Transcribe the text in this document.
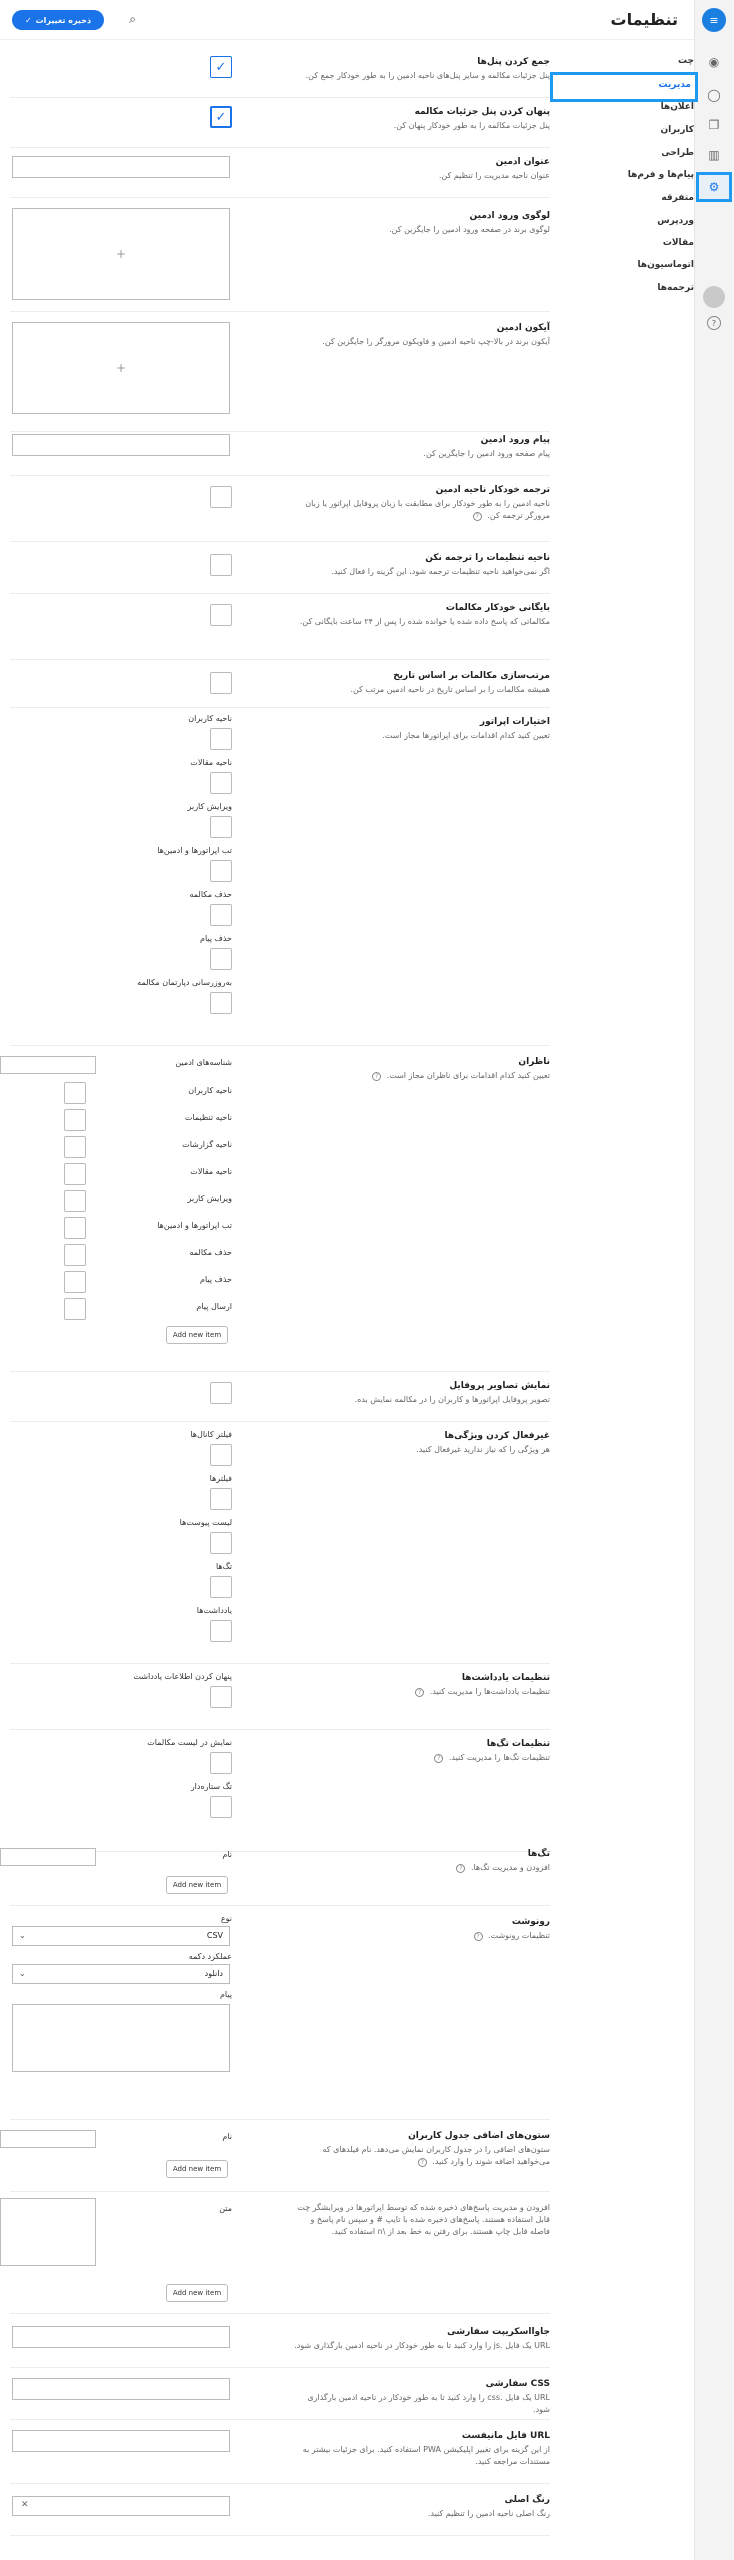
≡
◉
◯
❐
▥
⚙
?
تنظیمات
⌕
ذخیره تغییرات
✓
چت
مدیریت
اعلان‌ها
کاربران
طراحی
پیام‌ها و فرم‌ها
متفرقه
وردپرس
مقالات
اتوماسیون‌ها
ترجمه‌ها
جمع کردن پنل‌ها
پنل جزئیات مکالمه و سایر پنل‌های ناحیه ادمین را به طور خودکار جمع کن.
✓
پنهان کردن پنل جزئیات مکالمه
پنل جزئیات مکالمه را به طور خودکار پنهان کن.
✓
عنوان ادمین
عنوان ناحیه مدیریت را تنظیم کن.
لوگوی ورود ادمین
لوگوی برند در صفحه ورود ادمین را جایگزین کن.
+
آیکون ادمین
آیکون برند در بالا-چپ ناحیه ادمین و فاویکون مرورگر را جایگزین کن.
+
پیام ورود ادمین
پیام صفحه ورود ادمین را جایگزین کن.
ترجمه خودکار ناحیه ادمین
ناحیه ادمین را به طور خودکار برای مطابقت با زبان پروفایل اپراتور یا زبان مرورگر ترجمه کن. ?
ناحیه تنظیمات را ترجمه نکن
اگر نمی‌خواهید ناحیه تنظیمات ترجمه شود، این گزینه را فعال کنید.
بایگانی خودکار مکالمات
مکالماتی که پاسخ داده شده یا خوانده شده را پس از ۲۴ ساعت بایگانی کن.
مرتب‌سازی مکالمات بر اساس تاریخ
همیشه مکالمات را بر اساس تاریخ در ناحیه ادمین مرتب کن.
اختیارات اپراتور
تعیین کنید کدام اقدامات برای اپراتورها مجاز است.
ناحیه کاربران
ناحیه مقالات
ویرایش کاربر
تب اپراتورها و ادمین‌ها
حذف مکالمه
حذف پیام
به‌روزرسانی دپارتمان مکالمه
ناظران
تعیین کنید کدام اقدامات برای ناظران مجاز است. ?
شناسه‌های ادمین
ناحیه کاربران
ناحیه تنظیمات
ناحیه گزارشات
ناحیه مقالات
ویرایش کاربر
تب اپراتورها و ادمین‌ها
حذف مکالمه
حذف پیام
ارسال پیام
Add new item
نمایش تصاویر پروفایل
تصویر پروفایل اپراتورها و کاربران را در مکالمه نمایش بده.
غیرفعال کردن ویژگی‌ها
هر ویژگی را که نیاز ندارید غیرفعال کنید.
فیلتر کانال‌ها
فیلترها
لیست پیوست‌ها
تگ‌ها
یادداشت‌ها
تنظیمات یادداشت‌ها
تنظیمات یادداشت‌ها را مدیریت کنید. ?
پنهان کردن اطلاعات یادداشت
تنظیمات تگ‌ها
تنظیمات تگ‌ها را مدیریت کنید. ?
نمایش در لیست مکالمات
تگ ستاره‌دار
تگ‌ها
افزودن و مدیریت تگ‌ها. ?
نام
Add new item
رونوشت
تنظیمات رونوشت. ?
نوع
⌄	CSV
عملکرد دکمه
⌄	دانلود
پیام
ستون‌های اضافی جدول کاربران
ستون‌های اضافی را در جدول کاربران نمایش می‌دهد. نام فیلدهای که می‌خواهید اضافه شوند را وارد کنید. ?
نام
Add new item
افزودن و مدیریت پاسخ‌های ذخیره شده که توسط اپراتورها در ویرایشگر چت قابل استفاده هستند. پاسخ‌های ذخیره شده با تایپ # و سپس نام پاسخ و فاصله قابل چاپ هستند. برای رفتن به خط بعد از \n استفاده کنید.
متن
Add new item
جاوااسکریپت سفارشی
URL یک فایل .js را وارد کنید تا به طور خودکار در ناحیه ادمین بارگذاری شود.
CSS سفارشی
URL یک فایل .css را وارد کنید تا به طور خودکار در ناحیه ادمین بارگذاری شود.
URL فایل مانیفست
از این گزینه برای تغییر اپلیکیشن PWA استفاده کنید. برای جزئیات بیشتر به مستندات مراجعه کنید.
رنگ اصلی
رنگ اصلی ناحیه ادمین را تنظیم کنید.
✕
